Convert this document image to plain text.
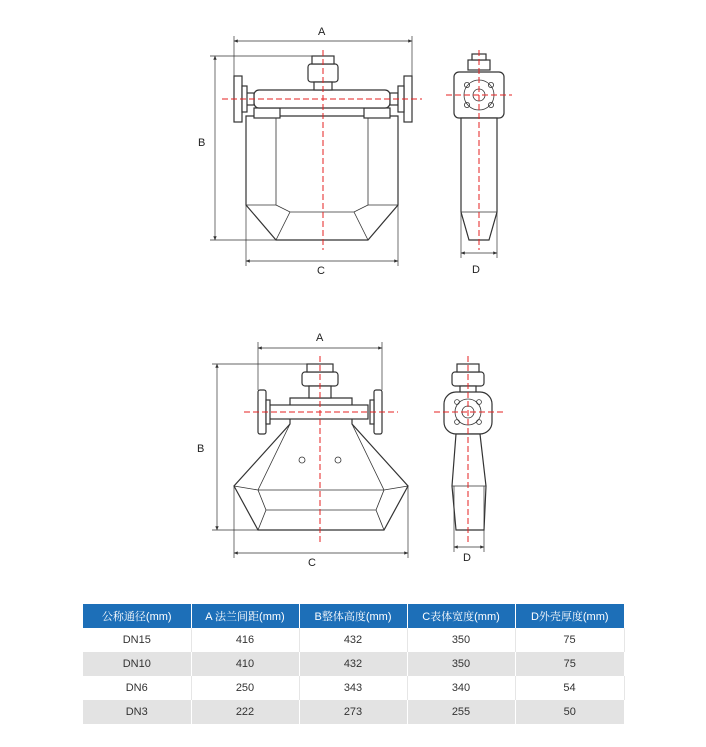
A
B
C	D
A
B
C	D
公称通径(mm)	A 法兰间距(mm)	B整体高度(mm)	C表体宽度(mm)	D外壳厚度(mm)
DN15	416	432	350	75
DN10	410	432	350	75
DN6	250	343	340	54
DN3	222	273	255	50
